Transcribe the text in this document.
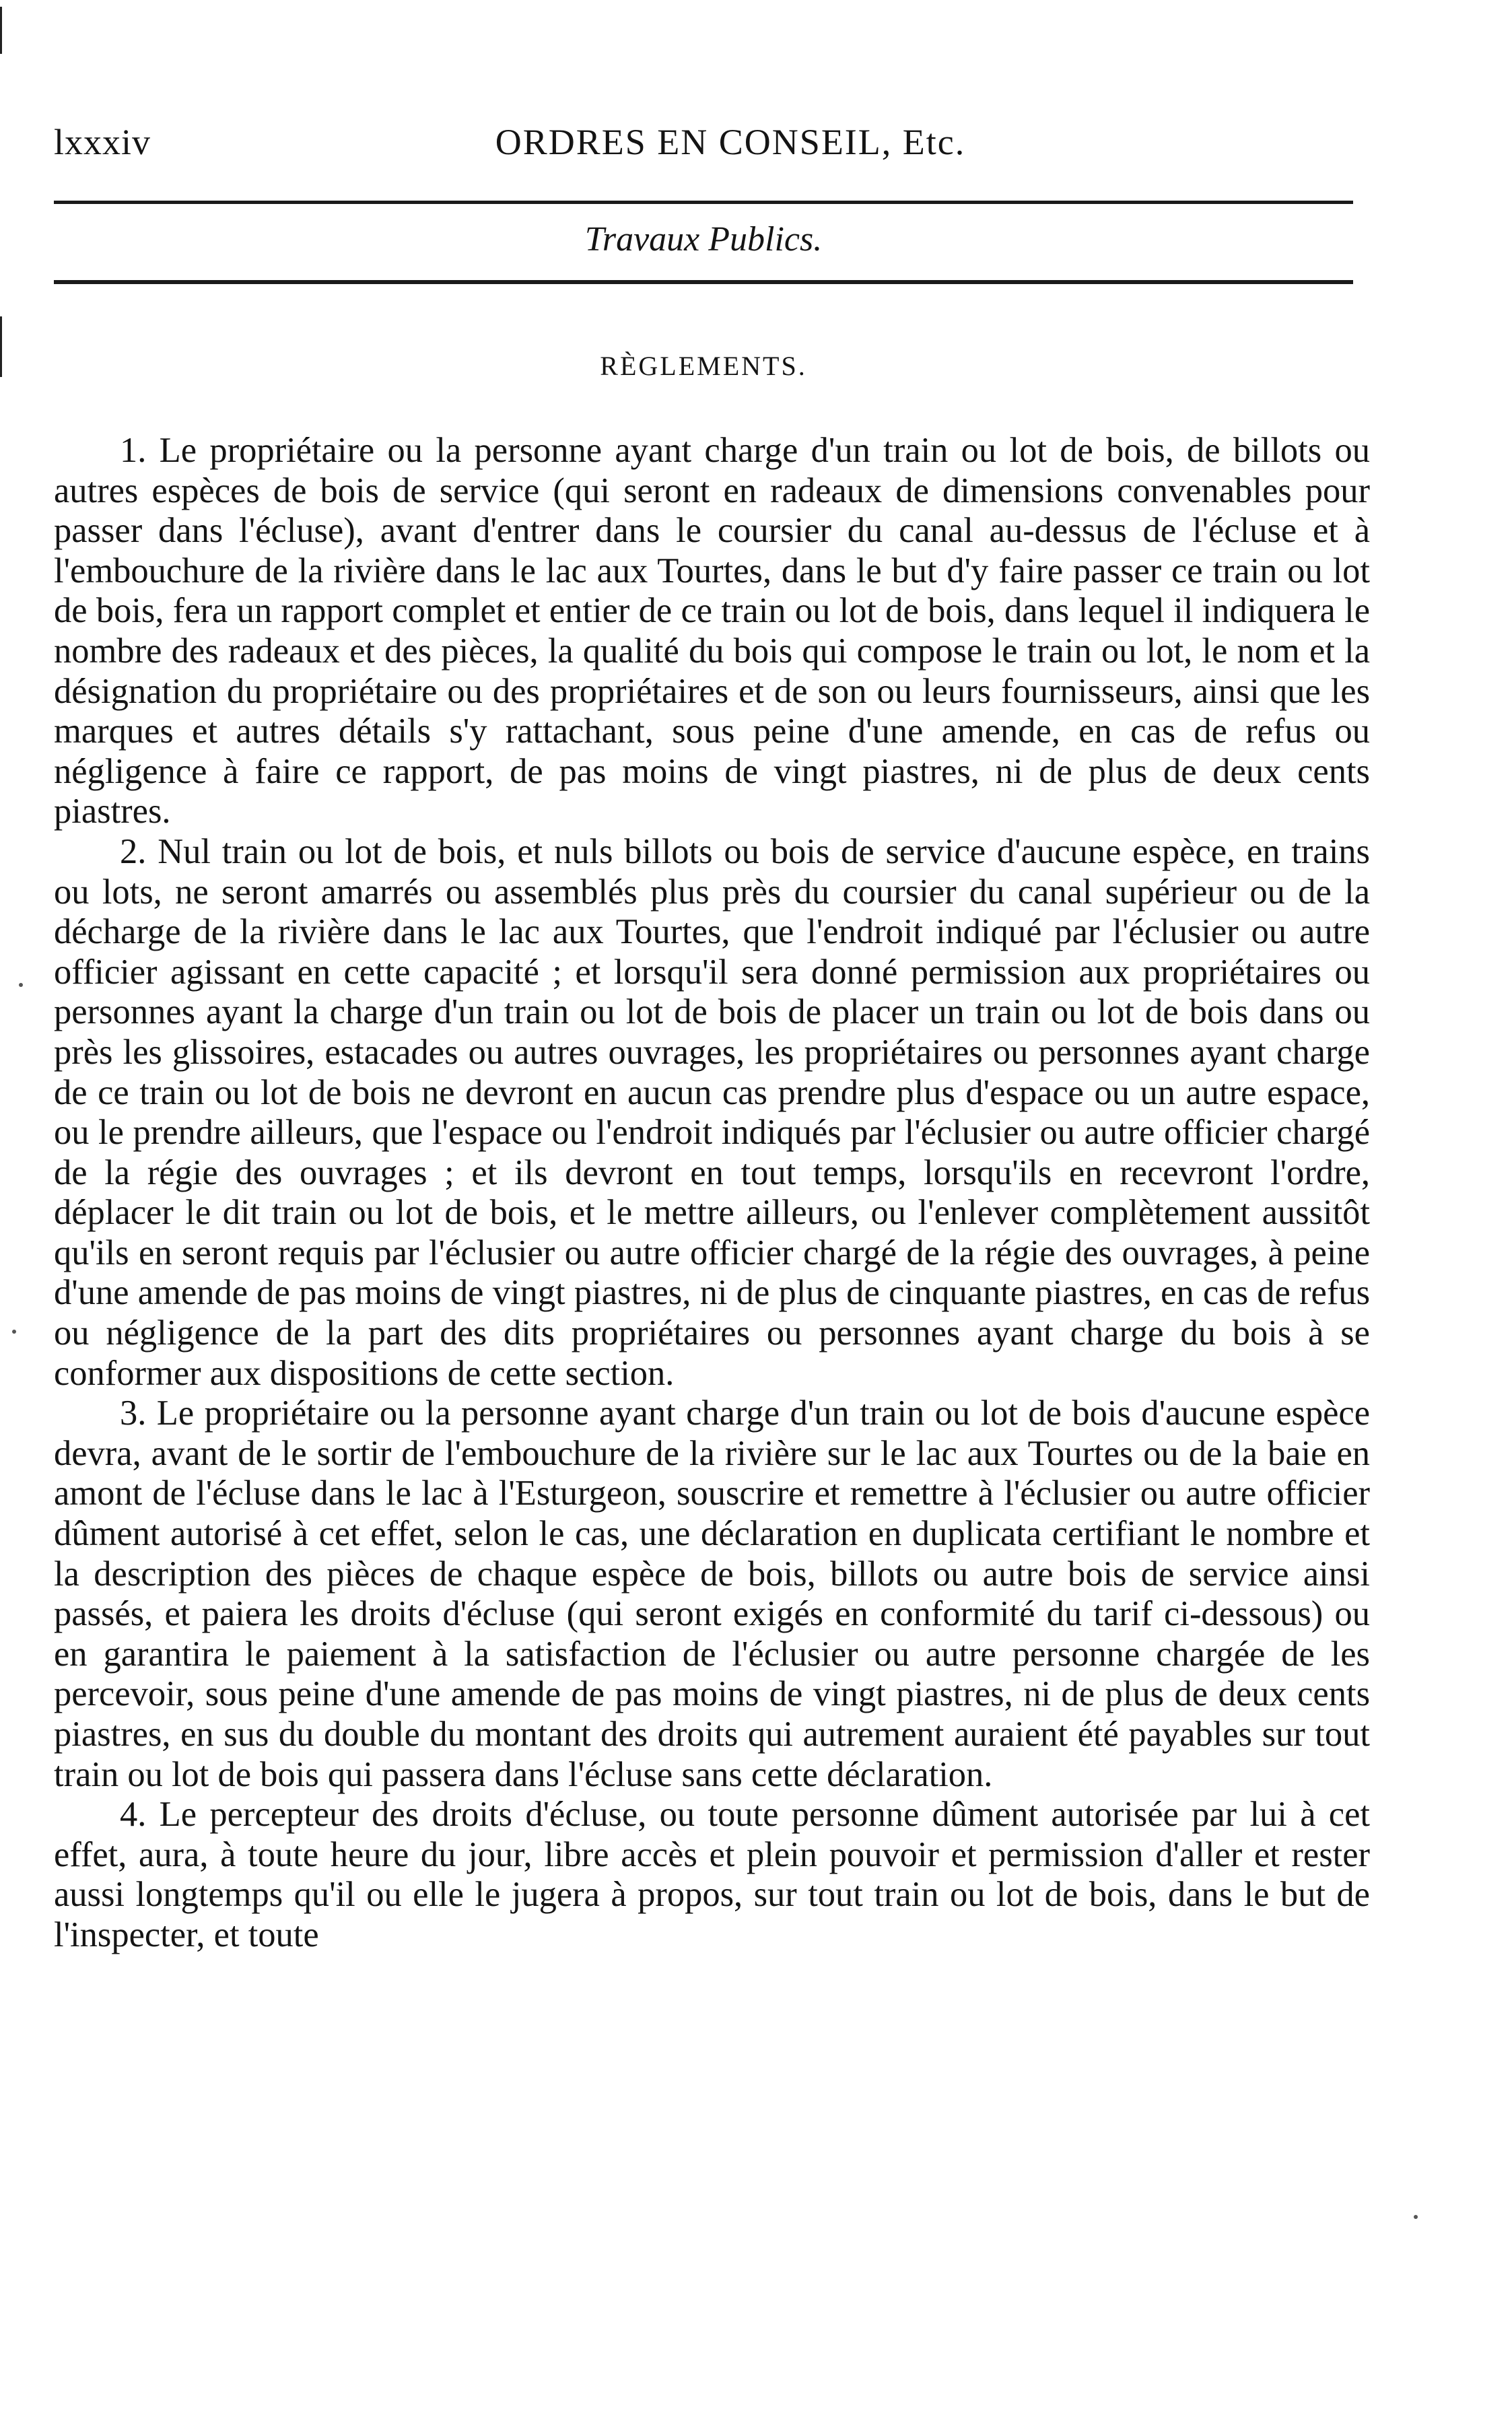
lxxxiv	ORDRES EN CONSEIL, Etc.
Travaux Publics.
RÈGLEMENTS.

1. Le propriétaire ou la personne ayant charge d'un train ou lot de bois, de billots ou autres espèces de bois de service (qui seront en radeaux de dimensions convenables pour passer dans l'écluse), avant d'entrer dans le coursier du canal au-dessus de l'écluse et à l'embouchure de la rivière dans le lac aux Tourtes, dans le but d'y faire passer ce train ou lot de bois, fera un rapport complet et entier de ce train ou lot de bois, dans lequel il indiquera le nombre des radeaux et des pièces, la qualité du bois qui compose le train ou lot, le nom et la désignation du propriétaire ou des propriétaires et de son ou leurs fournisseurs, ainsi que les marques et autres détails s'y rattachant, sous peine d'une amende, en cas de refus ou négligence à faire ce rapport, de pas moins de vingt piastres, ni de plus de deux cents piastres.

2. Nul train ou lot de bois, et nuls billots ou bois de service d'aucune espèce, en trains ou lots, ne seront amarrés ou assemblés plus près du coursier du canal supérieur ou de la décharge de la rivière dans le lac aux Tourtes, que l'endroit indiqué par l'éclusier ou autre officier agissant en cette capacité ; et lorsqu'il sera donné permission aux propriétaires ou personnes ayant la charge d'un train ou lot de bois de placer un train ou lot de bois dans ou près les glissoires, estacades ou autres ouvrages, les propriétaires ou personnes ayant charge de ce train ou lot de bois ne devront en aucun cas prendre plus d'espace ou un autre espace, ou le prendre ailleurs, que l'espace ou l'endroit indiqués par l'éclusier ou autre officier chargé de la régie des ouvrages ; et ils devront en tout temps, lorsqu'ils en recevront l'ordre, déplacer le dit train ou lot de bois, et le mettre ailleurs, ou l'enlever complètement aussitôt qu'ils en seront requis par l'éclusier ou autre officier chargé de la régie des ouvrages, à peine d'une amende de pas moins de vingt piastres, ni de plus de cinquante piastres, en cas de refus ou négligence de la part des dits propriétaires ou personnes ayant charge du bois à se conformer aux dispositions de cette section.

3. Le propriétaire ou la personne ayant charge d'un train ou lot de bois d'aucune espèce devra, avant de le sortir de l'embouchure de la rivière sur le lac aux Tourtes ou de la baie en amont de l'écluse dans le lac à l'Esturgeon, souscrire et remettre à l'éclusier ou autre officier dûment autorisé à cet effet, selon le cas, une déclaration en duplicata certifiant le nombre et la description des pièces de chaque espèce de bois, billots ou autre bois de service ainsi passés, et paiera les droits d'écluse (qui seront exigés en conformité du tarif ci-dessous) ou en garantira le paiement à la satisfaction de l'éclusier ou autre personne chargée de les percevoir, sous peine d'une amende de pas moins de vingt piastres, ni de plus de deux cents piastres, en sus du double du montant des droits qui autrement auraient été payables sur tout train ou lot de bois qui passera dans l'écluse sans cette déclaration.

4. Le percepteur des droits d'écluse, ou toute personne dûment autorisée par lui à cet effet, aura, à toute heure du jour, libre accès et plein pouvoir et permission d'aller et rester aussi longtemps qu'il ou elle le jugera à propos, sur tout train ou lot de bois, dans le but de l'inspecter, et toute
